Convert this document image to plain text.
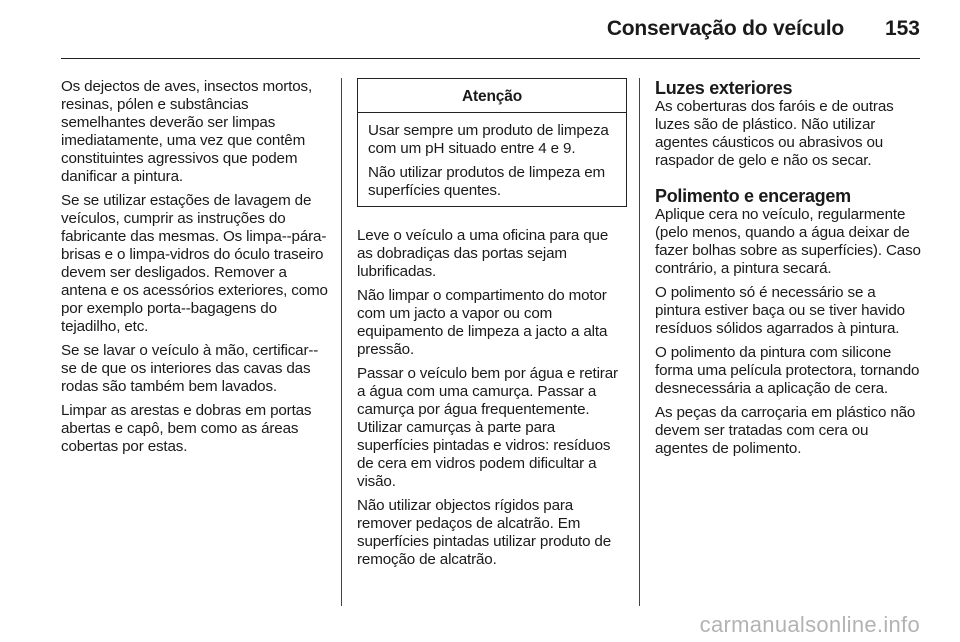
Conservação do veículo 153

Os dejectos de aves, insectos mortos, resinas, pólen e substâncias semelhantes deverão ser limpas imediatamente, uma vez que contêm constituintes agressivos que podem danificar a pintura.

Se se utilizar estações de lavagem de veículos, cumprir as instruções do fabricante das mesmas. Os limpa--pára-brisas e o limpa-vidros do óculo traseiro devem ser desligados. Remover a antena e os acessórios exteriores, como por exemplo porta--bagagens do tejadilho, etc.

Se se lavar o veículo à mão, certificar--se de que os interiores das cavas das rodas são também bem lavados.

Limpar as arestas e dobras em portas abertas e capô, bem como as áreas cobertas por estas.

Atenção

Usar sempre um produto de limpeza com um pH situado entre 4 e 9.

Não utilizar produtos de limpeza em superfícies quentes.

Leve o veículo a uma oficina para que as dobradiças das portas sejam lubrificadas.

Não limpar o compartimento do motor com um jacto a vapor ou com equipamento de limpeza a jacto a alta pressão.

Passar o veículo bem por água e retirar a água com uma camurça. Passar a camurça por água frequentemente. Utilizar camurças à parte para superfícies pintadas e vidros: resíduos de cera em vidros podem dificultar a visão.

Não utilizar objectos rígidos para remover pedaços de alcatrão. Em superfícies pintadas utilizar produto de remoção de alcatrão.

Luzes exteriores

As coberturas dos faróis e de outras luzes são de plástico. Não utilizar agentes cáusticos ou abrasivos ou raspador de gelo e não os secar.

Polimento e enceragem

Aplique cera no veículo, regularmente (pelo menos, quando a água deixar de fazer bolhas sobre as superfícies). Caso contrário, a pintura secará.

O polimento só é necessário se a pintura estiver baça ou se tiver havido resíduos sólidos agarrados à pintura.

O polimento da pintura com silicone forma uma película protectora, tornando desnecessária a aplicação de cera.

As peças da carroçaria em plástico não devem ser tratadas com cera ou agentes de polimento.

carmanualsonline.info
